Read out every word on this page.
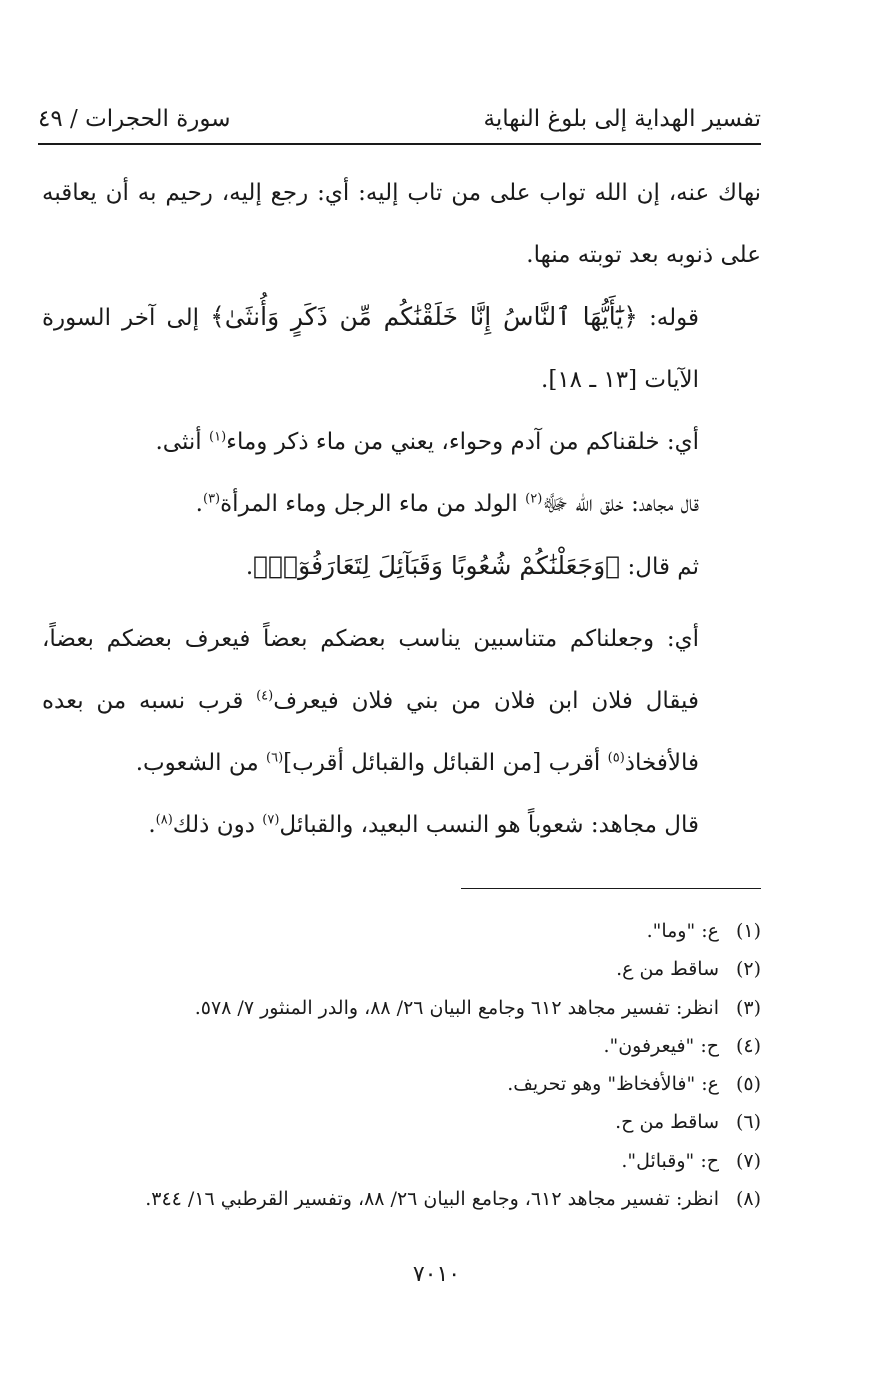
تفسير الهداية إلى بلوغ النهاية
سورة الحجرات / ٤٩

نهاك عنه، إن الله تواب على من تاب إليه: أي: رجع إليه، رحيم به أن يعاقبه على ذنوبه بعد توبته منها.

قوله: ﴿يَٰٓأَيُّهَا ٱلنَّاسُ إِنَّا خَلَقْنَٰكُم مِّن ذَكَرٍ وَأُنثَىٰ﴾ إلى آخر السورة الآيات [١٣ ـ ١٨].

أي: خلقناكم من آدم وحواء، يعني من ماء ذكر وماء$^{(١)}$ أنثى.

قال مجاهد: خلق الله ﷻ$^{(٢)}$ الولد من ماء الرجل وماء المرأة$^{(٣)}$.

ثم قال: ﴿وَجَعَلْنَٰكُمْ شُعُوبًا وَقَبَآئِلَ لِتَعَارَفُوٓا۟﴾.

أي: وجعلناكم متناسبين يناسب بعضكم بعضاً فيعرف بعضكم بعضاً، فيقال فلان ابن فلان من بني فلان فيعرف$^{(٤)}$ قرب نسبه من بعده فالأفخاذ$^{(٥)}$ أقرب [من القبائل والقبائل أقرب]$^{(٦)}$ من الشعوب.

قال مجاهد: شعوباً هو النسب البعيد، والقبائل$^{(٧)}$ دون ذلك$^{(٨)}$.

(١)ع: "وما".
(٢)ساقط من ع.
(٣)انظر: تفسير مجاهد ٦١٢ وجامع البيان ٢٦/ ٨٨، والدر المنثور ٧/ ٥٧٨.
(٤)ح: "فيعرفون".
(٥)ع: "فالأفخاظ" وهو تحريف.
(٦)ساقط من ح.
(٧)ح: "وقبائل".
(٨)انظر: تفسير مجاهد ٦١٢، وجامع البيان ٢٦/ ٨٨، وتفسير القرطبي ١٦/ ٣٤٤.
٧٠١٠
